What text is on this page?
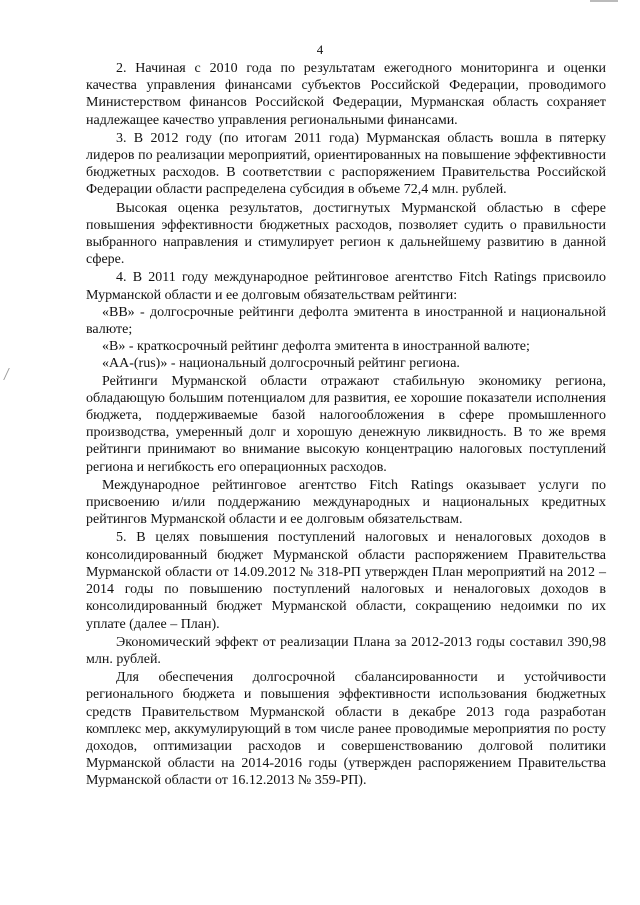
4

2. Начиная с 2010 года по результатам ежегодного мониторинга и оценки качества управления финансами субъектов Российской Федерации, проводимого Министерством финансов Российской Федерации, Мурманская область сохраняет надлежащее качество управления региональными финансами.

3. В 2012 году (по итогам 2011 года) Мурманская область вошла в пятерку лидеров по реализации мероприятий, ориентированных на повышение эффективности бюджетных расходов. В соответствии с распоряжением Правительства Российской Федерации области распределена субсидия в объеме 72,4 млн. рублей.

Высокая оценка результатов, достигнутых Мурманской областью в сфере повышения эффективности бюджетных расходов, позволяет судить о правильности выбранного направления и стимулирует регион к дальнейшему развитию в данной сфере.

4. В 2011 году международное рейтинговое агентство Fitch Ratings присвоило Мурманской области и ее долговым обязательствам рейтинги:

«BB» - долгосрочные рейтинги дефолта эмитента в иностранной и национальной валюте;

«B» - краткосрочный рейтинг дефолта эмитента в иностранной валюте;

«AA-(rus)» - национальный долгосрочный рейтинг региона.

Рейтинги Мурманской области отражают стабильную экономику региона, обладающую большим потенциалом для развития, ее хорошие показатели исполнения бюджета, поддерживаемые базой налогообложения в сфере промышленного производства, умеренный долг и хорошую денежную ликвидность. В то же время рейтинги принимают во внимание высокую концентрацию налоговых поступлений региона и негибкость его операционных расходов.

Международное рейтинговое агентство Fitch Ratings оказывает услуги по присвоению и/или поддержанию международных и национальных кредитных рейтингов Мурманской области и ее долговым обязательствам.

5. В целях повышения поступлений налоговых и неналоговых доходов в консолидированный бюджет Мурманской области распоряжением Правительства Мурманской области от 14.09.2012 № 318-РП утвержден План мероприятий на 2012 – 2014 годы по повышению поступлений налоговых и неналоговых доходов в консолидированный бюджет Мурманской области, сокращению недоимки по их уплате (далее – План).

Экономический эффект от реализации Плана за 2012-2013 годы составил 390,98 млн. рублей.

Для обеспечения долгосрочной сбалансированности и устойчивости регионального бюджета и повышения эффективности использования бюджетных средств Правительством Мурманской области в декабре 2013 года разработан комплекс мер, аккумулирующий в том числе ранее проводимые мероприятия по росту доходов, оптимизации расходов и совершенствованию долговой политики Мурманской области на 2014-2016 годы (утвержден распоряжением Правительства Мурманской области от 16.12.2013 № 359-РП).
